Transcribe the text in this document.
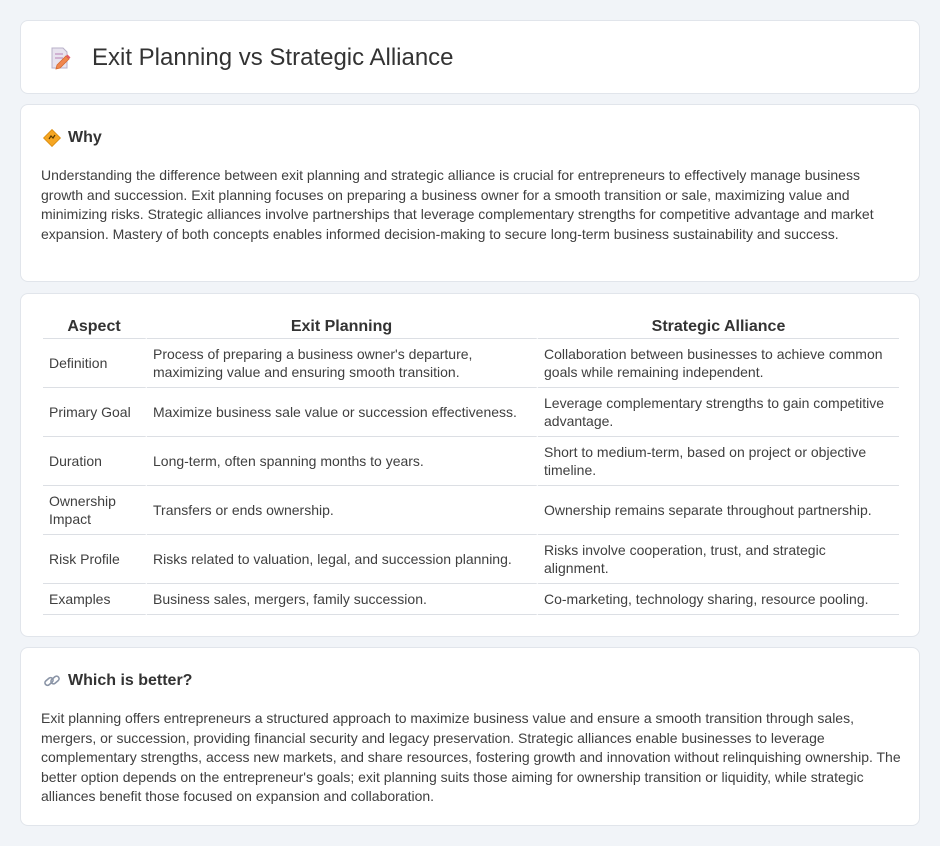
Exit Planning vs Strategic Alliance
Why

Understanding the difference between exit planning and strategic alliance is crucial for entrepreneurs to effectively manage business growth and succession. Exit planning focuses on preparing a business owner for a smooth transition or sale, maximizing value and minimizing risks. Strategic alliances involve partnerships that leverage complementary strengths for competitive advantage and market expansion. Mastery of both concepts enables informed decision-making to secure long-term business sustainability and success.

Aspect	Exit Planning	Strategic Alliance
Definition	Process of preparing a business owner's departure, maximizing value and ensuring smooth transition.	Collaboration between businesses to achieve common goals while remaining independent.
Primary Goal	Maximize business sale value or succession effectiveness.	Leverage complementary strengths to gain competitive advantage.
Duration	Long-term, often spanning months to years.	Short to medium-term, based on project or objective timeline.
Ownership Impact	Transfers or ends ownership.	Ownership remains separate throughout partnership.
Risk Profile	Risks related to valuation, legal, and succession planning.	Risks involve cooperation, trust, and strategic alignment.
Examples	Business sales, mergers, family succession.	Co-marketing, technology sharing, resource pooling.
Which is better?

Exit planning offers entrepreneurs a structured approach to maximize business value and ensure a smooth transition through sales, mergers, or succession, providing financial security and legacy preservation. Strategic alliances enable businesses to leverage complementary strengths, access new markets, and share resources, fostering growth and innovation without relinquishing ownership. The better option depends on the entrepreneur's goals; exit planning suits those aiming for ownership transition or liquidity, while strategic alliances benefit those focused on expansion and collaboration.
